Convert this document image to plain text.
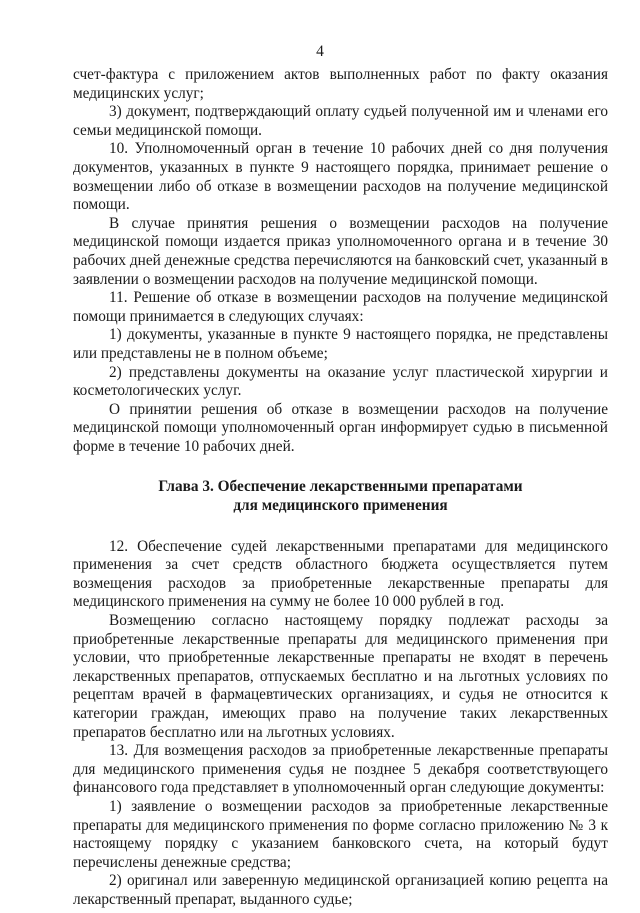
4

счет-фактура с приложением актов выполненных работ по факту оказания медицинских услуг;

3) документ, подтверждающий оплату судьей полученной им и членами его семьи медицинской помощи.

10. Уполномоченный орган в течение 10 рабочих дней со дня получения документов, указанных в пункте 9 настоящего порядка, принимает решение о возмещении либо об отказе в возмещении расходов на получение медицинской помощи.

В случае принятия решения о возмещении расходов на получение медицинской помощи издается приказ уполномоченного органа и в течение 30 рабочих дней денежные средства перечисляются на банковский счет, указанный в заявлении о возмещении расходов на получение медицинской помощи.

11. Решение об отказе в возмещении расходов на получение медицинской помощи принимается в следующих случаях:

1) документы, указанные в пункте 9 настоящего порядка, не представлены или представлены не в полном объеме;

2) представлены документы на оказание услуг пластической хирургии и косметологических услуг.

О принятии решения об отказе в возмещении расходов на получение медицинской помощи уполномоченный орган информирует судью в письменной форме в течение 10 рабочих дней.

Глава 3. Обеспечение лекарственными препаратами
для медицинского применения

12. Обеспечение судей лекарственными препаратами для медицинского применения за счет средств областного бюджета осуществляется путем возмещения расходов за приобретенные лекарственные препараты для медицинского применения на сумму не более 10 000 рублей в год.

Возмещению согласно настоящему порядку подлежат расходы за приобретенные лекарственные препараты для медицинского применения при условии, что приобретенные лекарственные препараты не входят в перечень лекарственных препаратов, отпускаемых бесплатно и на льготных условиях по рецептам врачей в фармацевтических организациях, и судья не относится к категории граждан, имеющих право на получение таких лекарственных препаратов бесплатно или на льготных условиях.

13. Для возмещения расходов за приобретенные лекарственные препараты для медицинского применения судья не позднее 5 декабря соответствующего финансового года представляет в уполномоченный орган следующие документы:

1) заявление о возмещении расходов за приобретенные лекарственные препараты для медицинского применения по форме согласно приложению № 3 к настоящему порядку с указанием банковского счета, на который будут перечислены денежные средства;

2) оригинал или заверенную медицинской организацией копию рецепта на лекарственный препарат, выданного судье;
